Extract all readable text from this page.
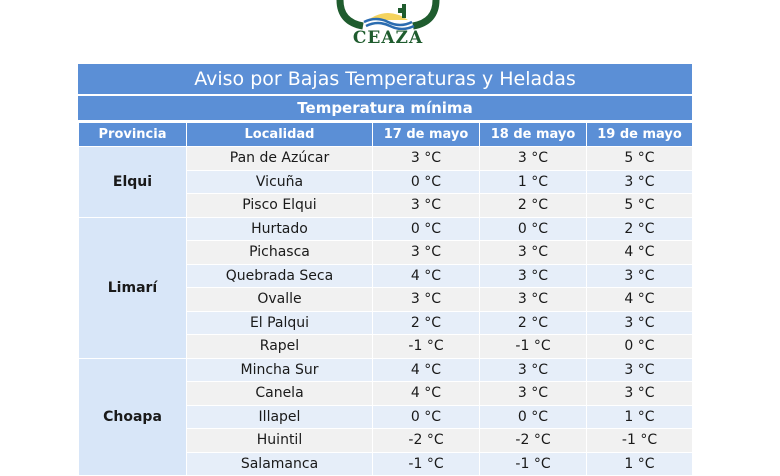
CEAZA
Aviso por Bajas Temperaturas y Heladas
Temperatura mínima
Provincia	Localidad	17 de mayo	18 de mayo	19 de mayo
Elqui	Pan de Azúcar	3 °C	3 °C	5 °C
	Vicuña	0 °C	1 °C	3 °C
	Pisco Elqui	3 °C	2 °C	5 °C
Limarí	Hurtado	0 °C	0 °C	2 °C
	Pichasca	3 °C	3 °C	4 °C
	Quebrada Seca	4 °C	3 °C	3 °C
	Ovalle	3 °C	3 °C	4 °C
	El Palqui	2 °C	2 °C	3 °C
	Rapel	-1 °C	-1 °C	0 °C
Choapa	Mincha Sur	4 °C	3 °C	3 °C
	Canela	4 °C	3 °C	3 °C
	Illapel	0 °C	0 °C	1 °C
	Huintil	-2 °C	-2 °C	-1 °C
	Salamanca	-1 °C	-1 °C	1 °C
